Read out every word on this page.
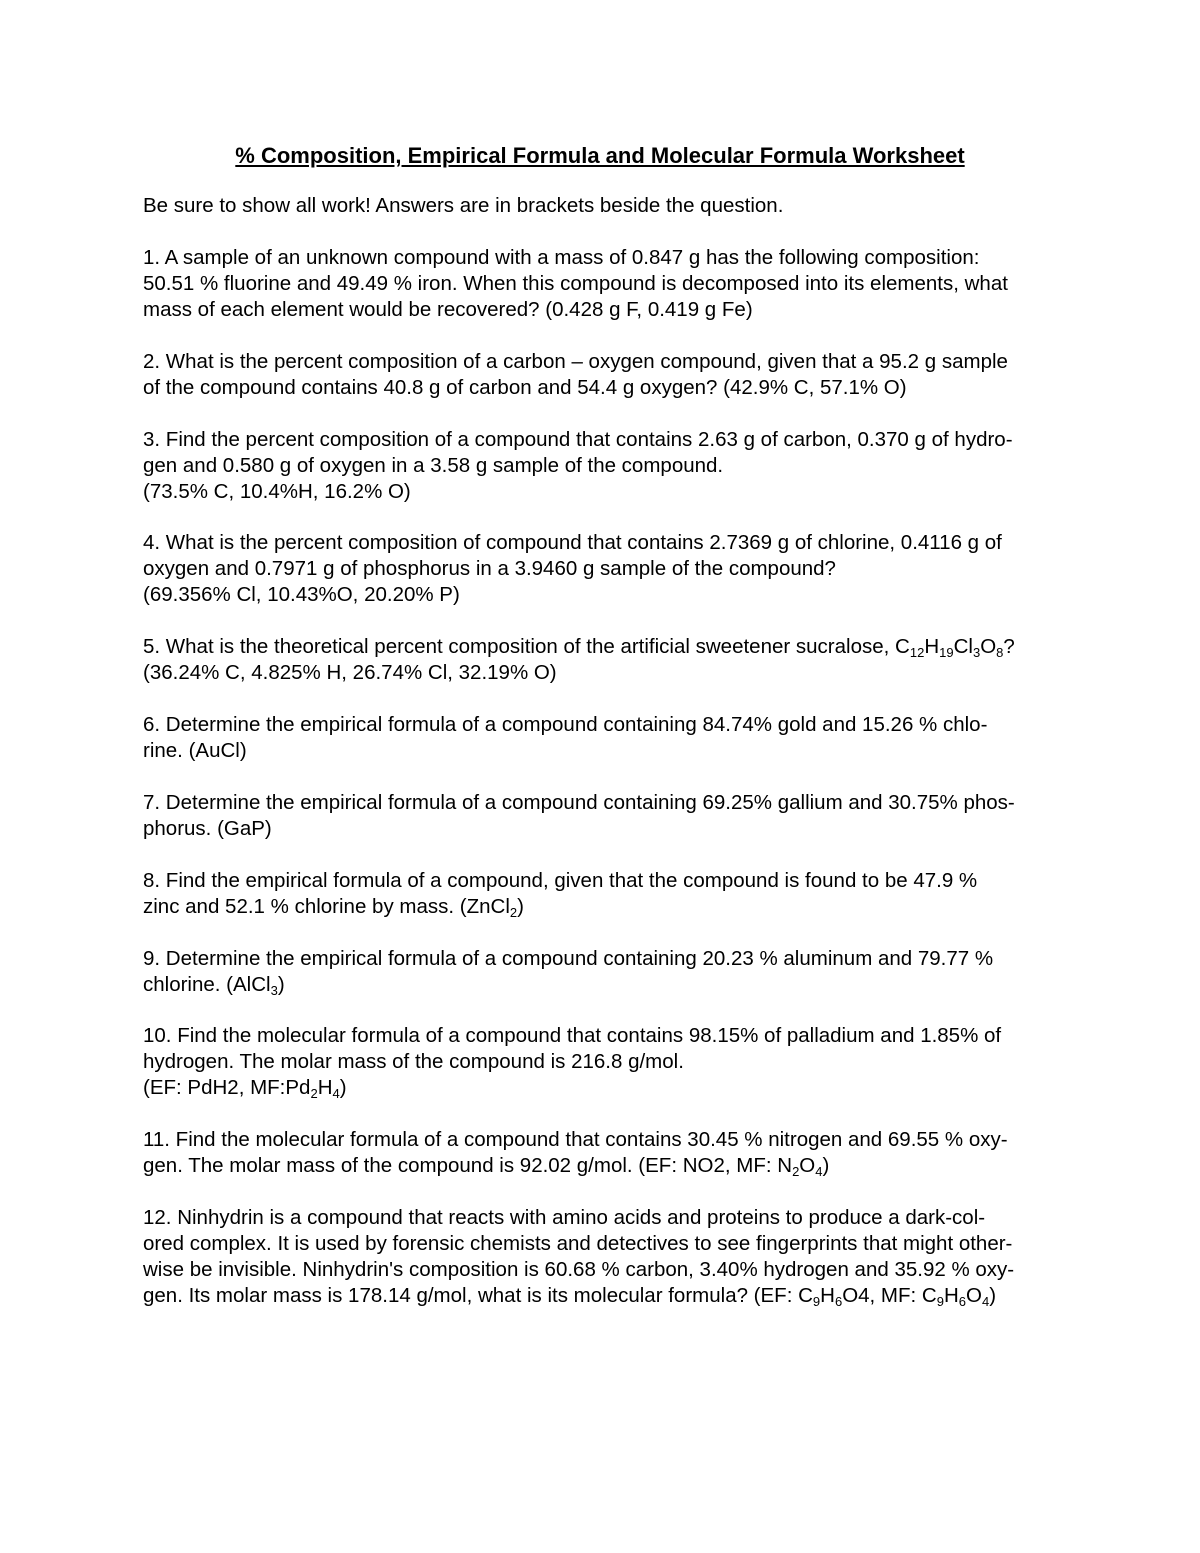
% Composition, Empirical Formula and Molecular Formula Worksheet
Be sure to show all work! Answers are in brackets beside the question.
1. A sample of an unknown compound with a mass of 0.847 g has the following composition:
50.51 % fluorine and 49.49 % iron. When this compound is decomposed into its elements, what
mass of each element would be recovered? (0.428 g F, 0.419 g Fe)
2. What is the percent composition of a carbon – oxygen compound, given that a 95.2 g sample
of the compound contains 40.8 g of carbon and 54.4 g oxygen? (42.9% C, 57.1% O)
3. Find the percent composition of a compound that contains 2.63 g of carbon, 0.370 g of hydro-
gen and 0.580 g of oxygen in a 3.58 g sample of the compound.
(73.5% C, 10.4%H, 16.2% O)
4. What is the percent composition of compound that contains 2.7369 g of chlorine, 0.4116 g of
oxygen and 0.7971 g of phosphorus in a 3.9460 g sample of the compound?
(69.356% Cl, 10.43%O, 20.20% P)
5. What is the theoretical percent composition of the artificial sweetener sucralose, $C_{12}H_{19}Cl_3O_8$?
(36.24% C, 4.825% H, 26.74% Cl, 32.19% O)
6. Determine the empirical formula of a compound containing 84.74% gold and 15.26 % chlo-
rine. (AuCl)
7. Determine the empirical formula of a compound containing 69.25% gallium and 30.75% phos-
phorus. (GaP)
8. Find the empirical formula of a compound, given that the compound is found to be 47.9 %
zinc and 52.1 % chlorine by mass. (ZnCl$_2$)
9. Determine the empirical formula of a compound containing 20.23 % aluminum and 79.77 %
chlorine. (AlCl$_3$)
10. Find the molecular formula of a compound that contains 98.15% of palladium and 1.85% of
hydrogen. The molar mass of the compound is 216.8 g/mol.
(EF: PdH2, $MF:Pd_2H_4$)
11. Find the molecular formula of a compound that contains 30.45 % nitrogen and 69.55 % oxy-
gen. The molar mass of the compound is 92.02 g/mol. (EF: NO2, MF: $N_2O_4$)
12. Ninhydrin is a compound that reacts with amino acids and proteins to produce a dark-col-
ored complex. It is used by forensic chemists and detectives to see fingerprints that might other-
wise be invisible. Ninhydrin's composition is 60.68 % carbon, 3.40% hydrogen and 35.92 % oxy-
gen. Its molar mass is 178.14 g/mol, what is its molecular formula? (EF: $C_9H_6O4$, MF: $C_9H_6O_4$)
